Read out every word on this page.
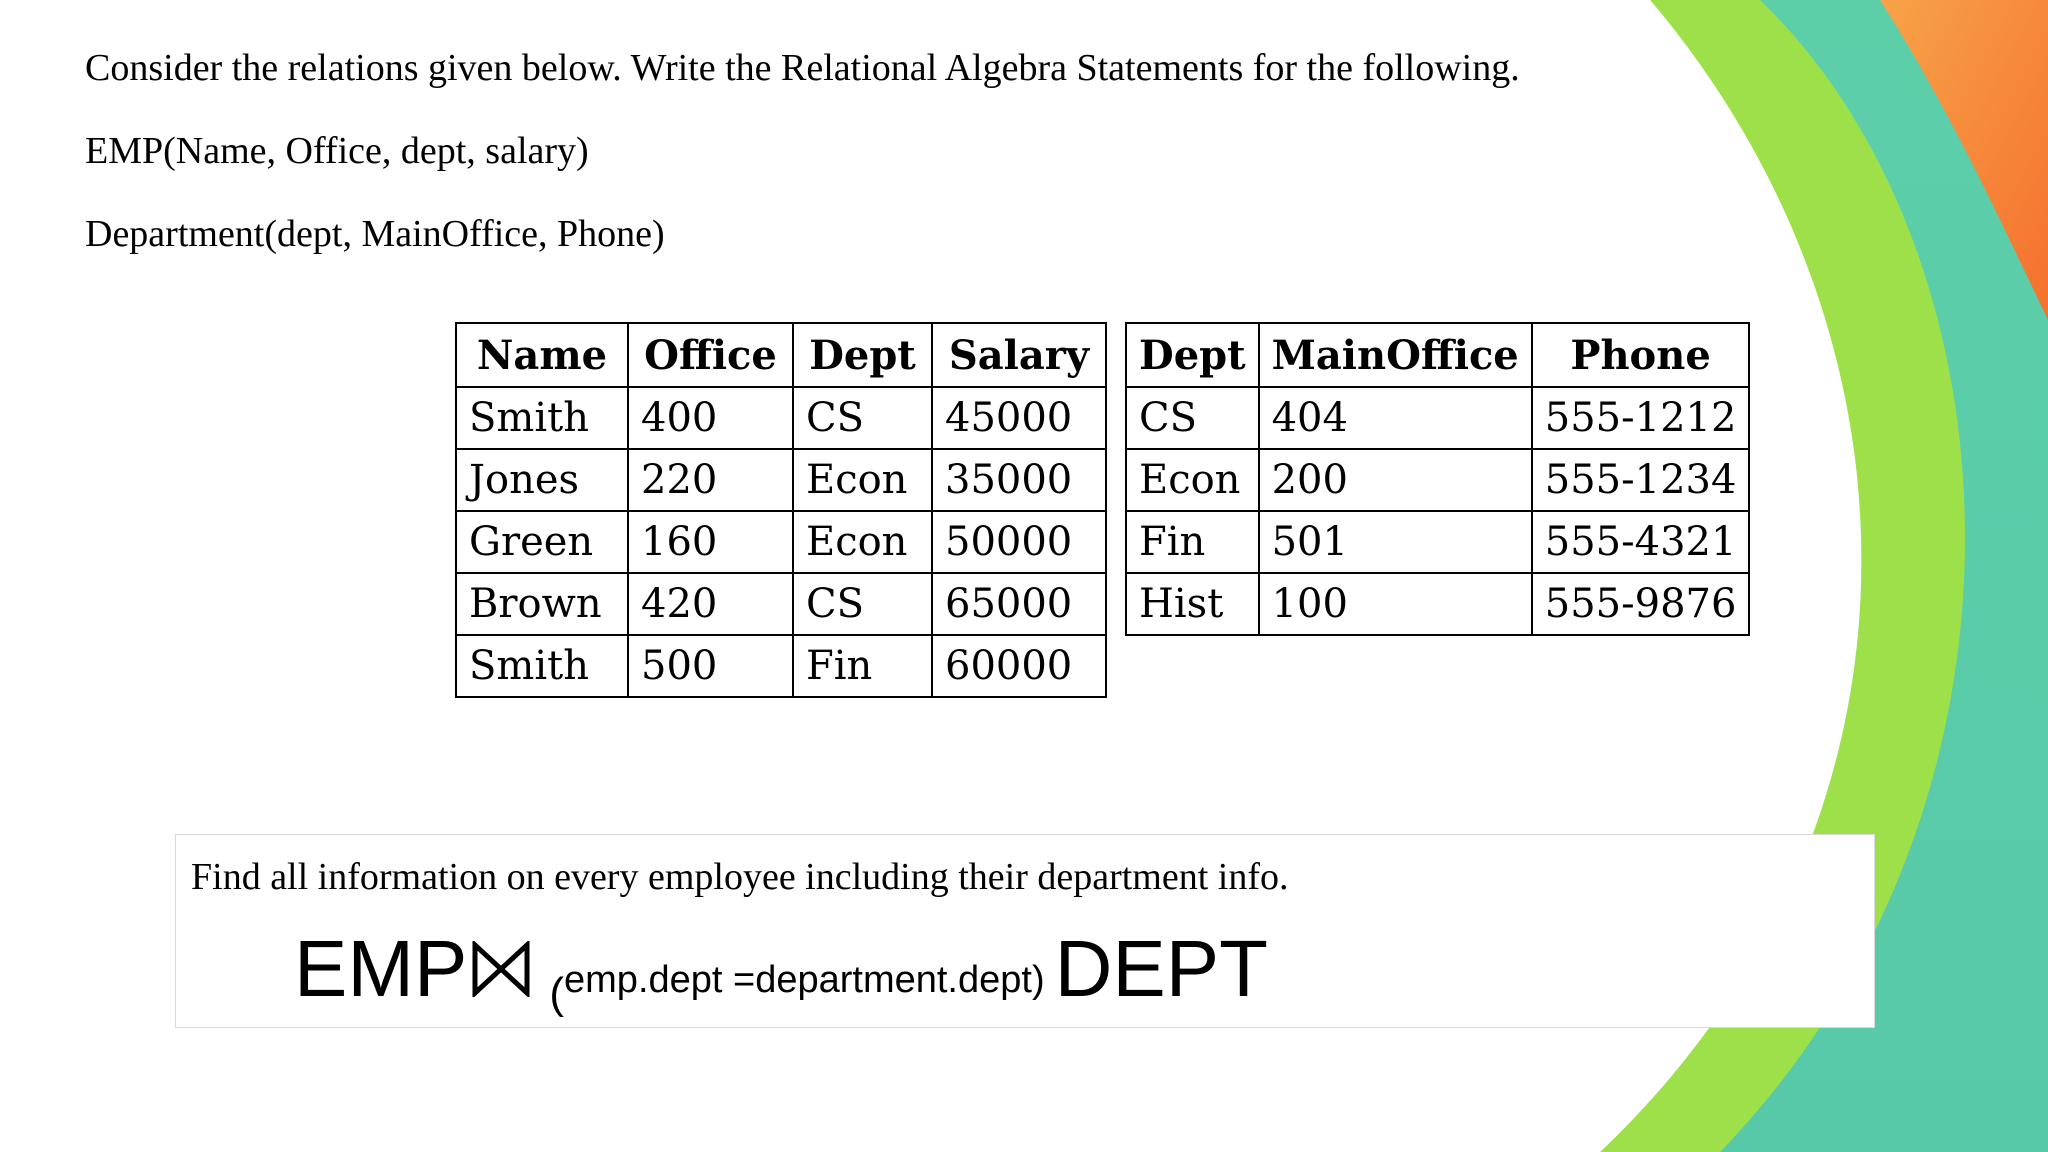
Consider the relations given below. Write the Relational Algebra Statements for the following.

EMP(Name, Office, dept, salary)

Department(dept, MainOffice, Phone)

Name	Office	Dept	Salary
Smith	400	CS	45000
Jones	220	Econ	35000
Green	160	Econ	50000
Brown	420	CS	65000
Smith	500	Fin	60000
Dept	MainOffice	Phone
CS	404	555-1212
Econ	200	555-1234
Fin	501	555-4321
Hist	100	555-9876
Find all information on every employee including their department info.
EMP (emp.dept =department.dept) DEPT
